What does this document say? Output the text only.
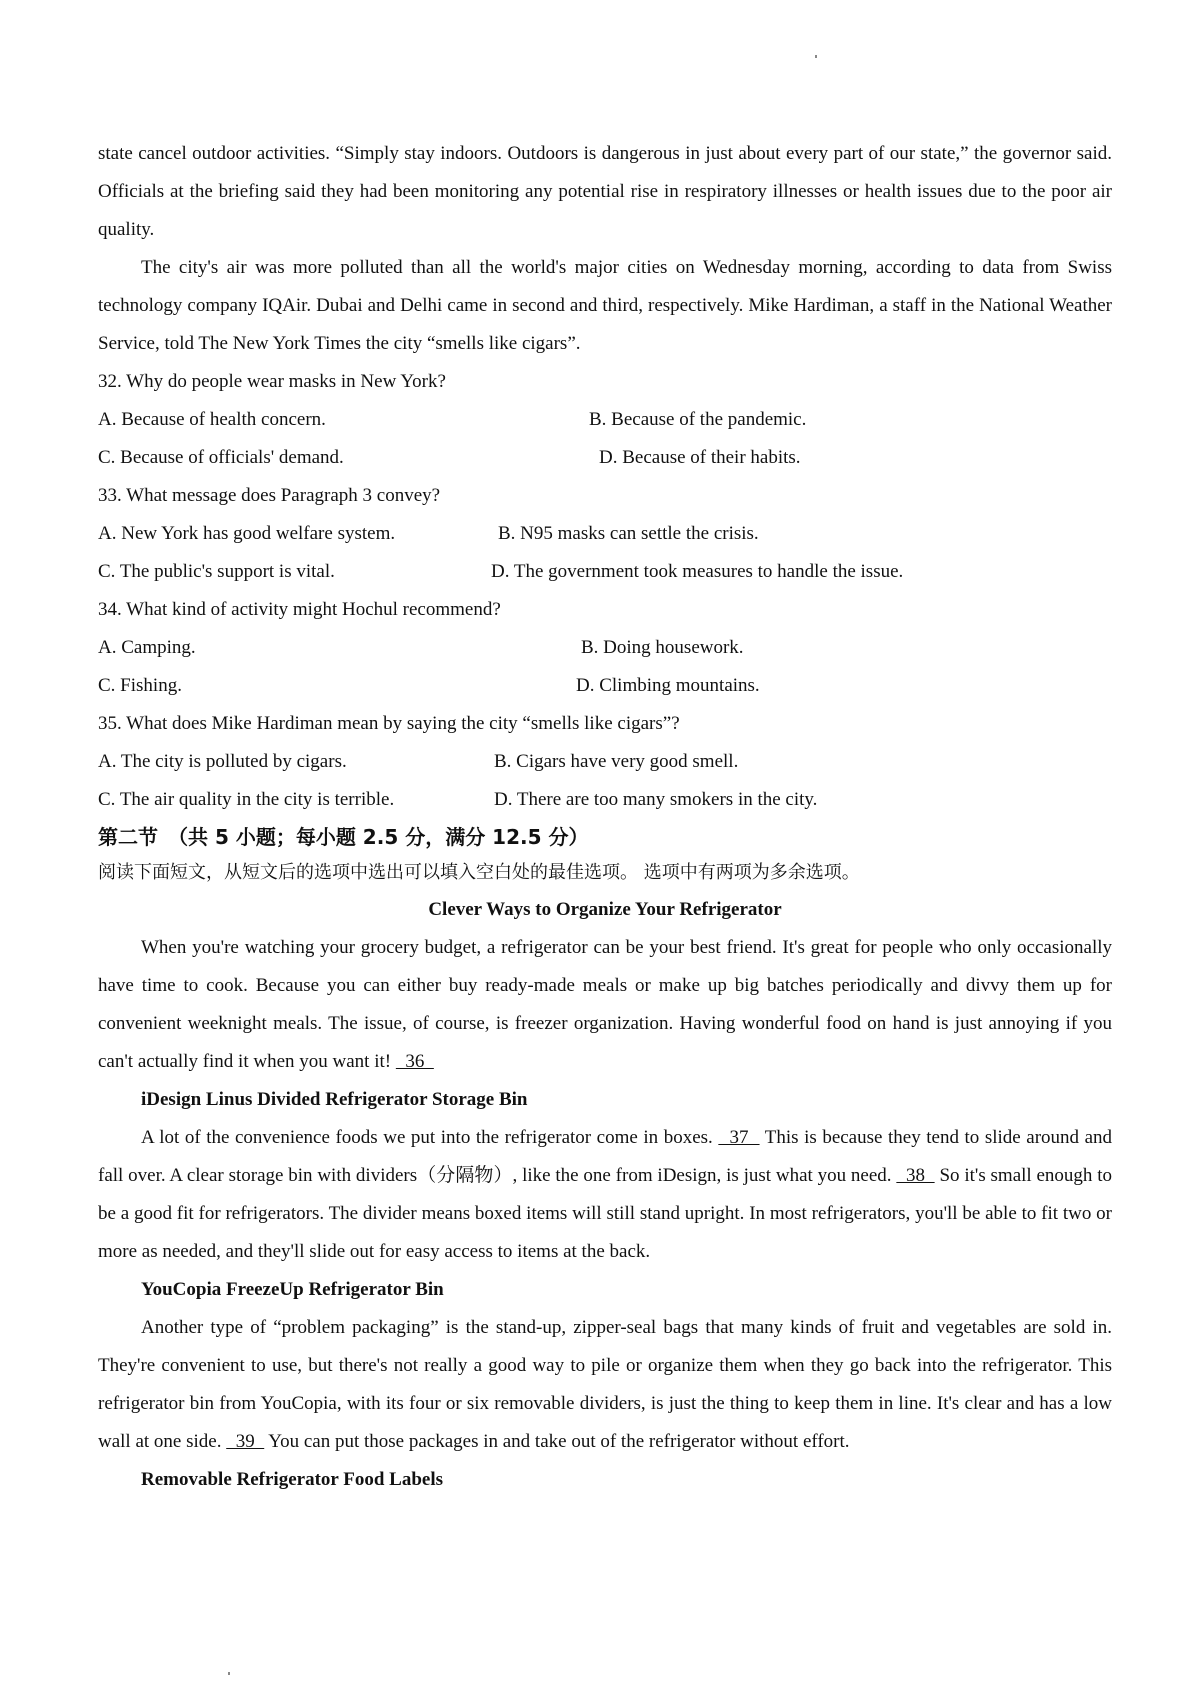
state cancel outdoor activities. “Simply stay indoors. Outdoors is dangerous in just about every part of our state,” the governor said. Officials at the briefing said they had been monitoring any potential rise in respiratory illnesses or health issues due to the poor air quality.

The city's air was more polluted than all the world's major cities on Wednesday morning, according to data from Swiss technology company IQAir. Dubai and Delhi came in second and third, respectively. Mike Hardiman, a staff in the National Weather Service, told The New York Times the city “smells like cigars”.

32. Why do people wear masks in New York?

A. Because of health concern.	B. Because of the pandemic.
C. Because of officials' demand.	D. Because of their habits.

33. What message does Paragraph 3 convey?

A. New York has good welfare system.	B. N95 masks can settle the crisis.
C. The public's support is vital.	D. The government took measures to handle the issue.

34. What kind of activity might Hochul recommend?

A. Camping.	B. Doing housework.
C. Fishing.	D. Climbing mountains.

35. What does Mike Hardiman mean by saying the city “smells like cigars”?

A. The city is polluted by cigars.	B. Cigars have very good smell.
C. The air quality in the city is terrible.	D. There are too many smokers in the city.

第二节　（共 5 小题；每小题 2.5 分，满分 12.5 分）

阅读下面短文，从短文后的选项中选出可以填入空白处的最佳选项。 选项中有两项为多余选项。

Clever Ways to Organize Your Refrigerator

When you're watching your grocery budget, a refrigerator can be your best friend. It's great for people who only occasionally have time to cook. Because you can either buy ready-made meals or make up big batches periodically and divvy them up for convenient weeknight meals. The issue, of course, is freezer organization. Having wonderful food on hand is just annoying if you can't actually find it when you want it!   36

iDesign Linus Divided Refrigerator Storage Bin

A lot of the convenience foods we put into the refrigerator come in boxes.   37   This is because they tend to slide around and fall over. A clear storage bin with dividers（分隔物）, like the one from iDesign, is just what you need.   38   So it's small enough to be a good fit for refrigerators. The divider means boxed items will still stand upright. In most refrigerators, you'll be able to fit two or more as needed, and they'll slide out for easy access to items at the back.

YouCopia FreezeUp Refrigerator Bin

Another type of “problem packaging” is the stand-up, zipper-seal bags that many kinds of fruit and vegetables are sold in. They're convenient to use, but there's not really a good way to pile or organize them when they go back into the refrigerator. This refrigerator bin from YouCopia, with its four or six removable dividers, is just the thing to keep them in line. It's clear and has a low wall at one side.   39   You can put those packages in and take out of the refrigerator without effort.

Removable Refrigerator Food Labels
